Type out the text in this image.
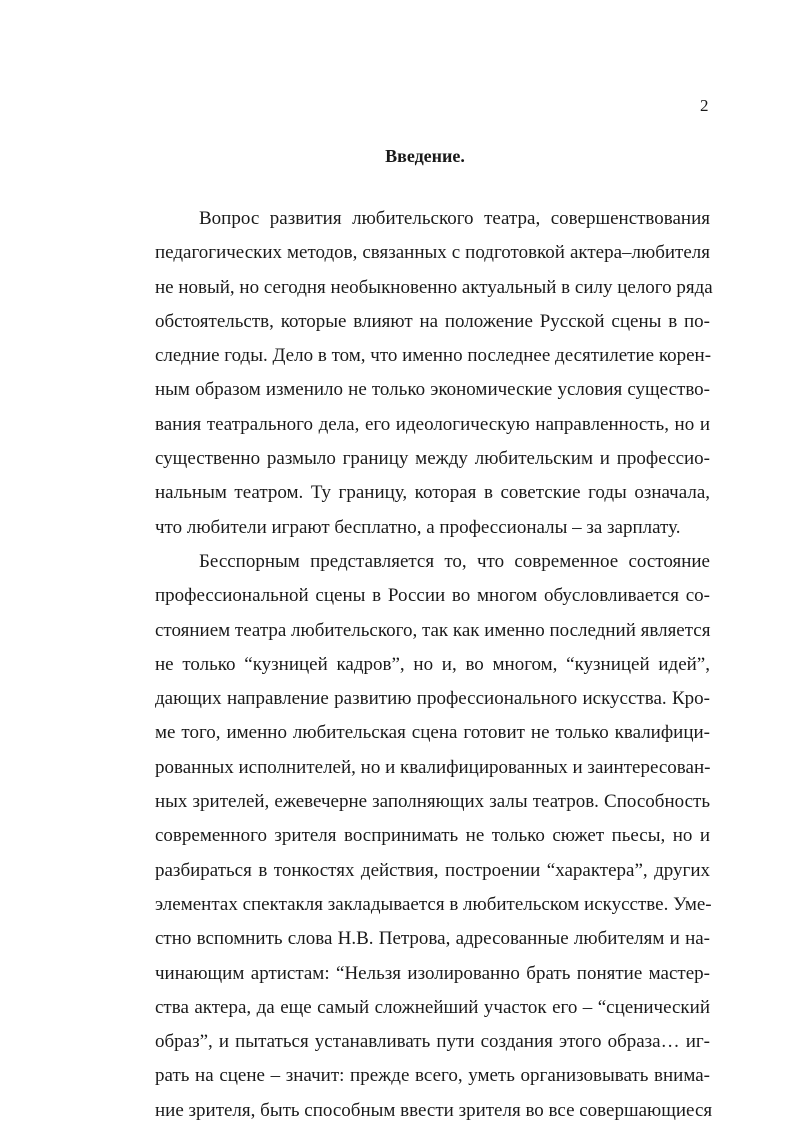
2
Введение.
Вопрос развития любительского театра, совершенствования
педагогических методов, связанных с подготовкой актера–любителя
не новый, но сегодня необыкновенно актуальный в силу целого ряда
обстоятельств, которые влияют на положение Русской сцены в по-
следние годы. Дело в том, что именно последнее десятилетие корен-
ным образом изменило не только экономические условия существо-
вания театрального дела, его идеологическую направленность, но и
существенно размыло границу между любительским и профессио-
нальным театром. Ту границу, которая в советские годы означала,
что любители играют бесплатно, а профессионалы – за зарплату.
Бесспорным представляется то, что современное состояние
профессиональной сцены в России во многом обусловливается со-
стоянием театра любительского, так как именно последний является
не только “кузницей кадров”, но и, во многом, “кузницей идей”,
дающих направление развитию профессионального искусства. Кро-
ме того, именно любительская сцена готовит не только квалифици-
рованных исполнителей, но и квалифицированных и заинтересован-
ных зрителей, ежевечерне заполняющих залы театров. Способность
современного зрителя воспринимать не только сюжет пьесы, но и
разбираться в тонкостях действия, построении “характера”, других
элементах спектакля закладывается в любительском искусстве. Уме-
стно вспомнить слова Н.В. Петрова, адресованные любителям и на-
чинающим артистам: “Нельзя изолированно брать понятие мастер-
ства актера, да еще самый сложнейший участок его – “сценический
образ”, и пытаться устанавливать пути создания этого образа… иг-
рать на сцене – значит: прежде всего, уметь организовывать внима-
ние зрителя, быть способным ввести зрителя во все совершающиеся
